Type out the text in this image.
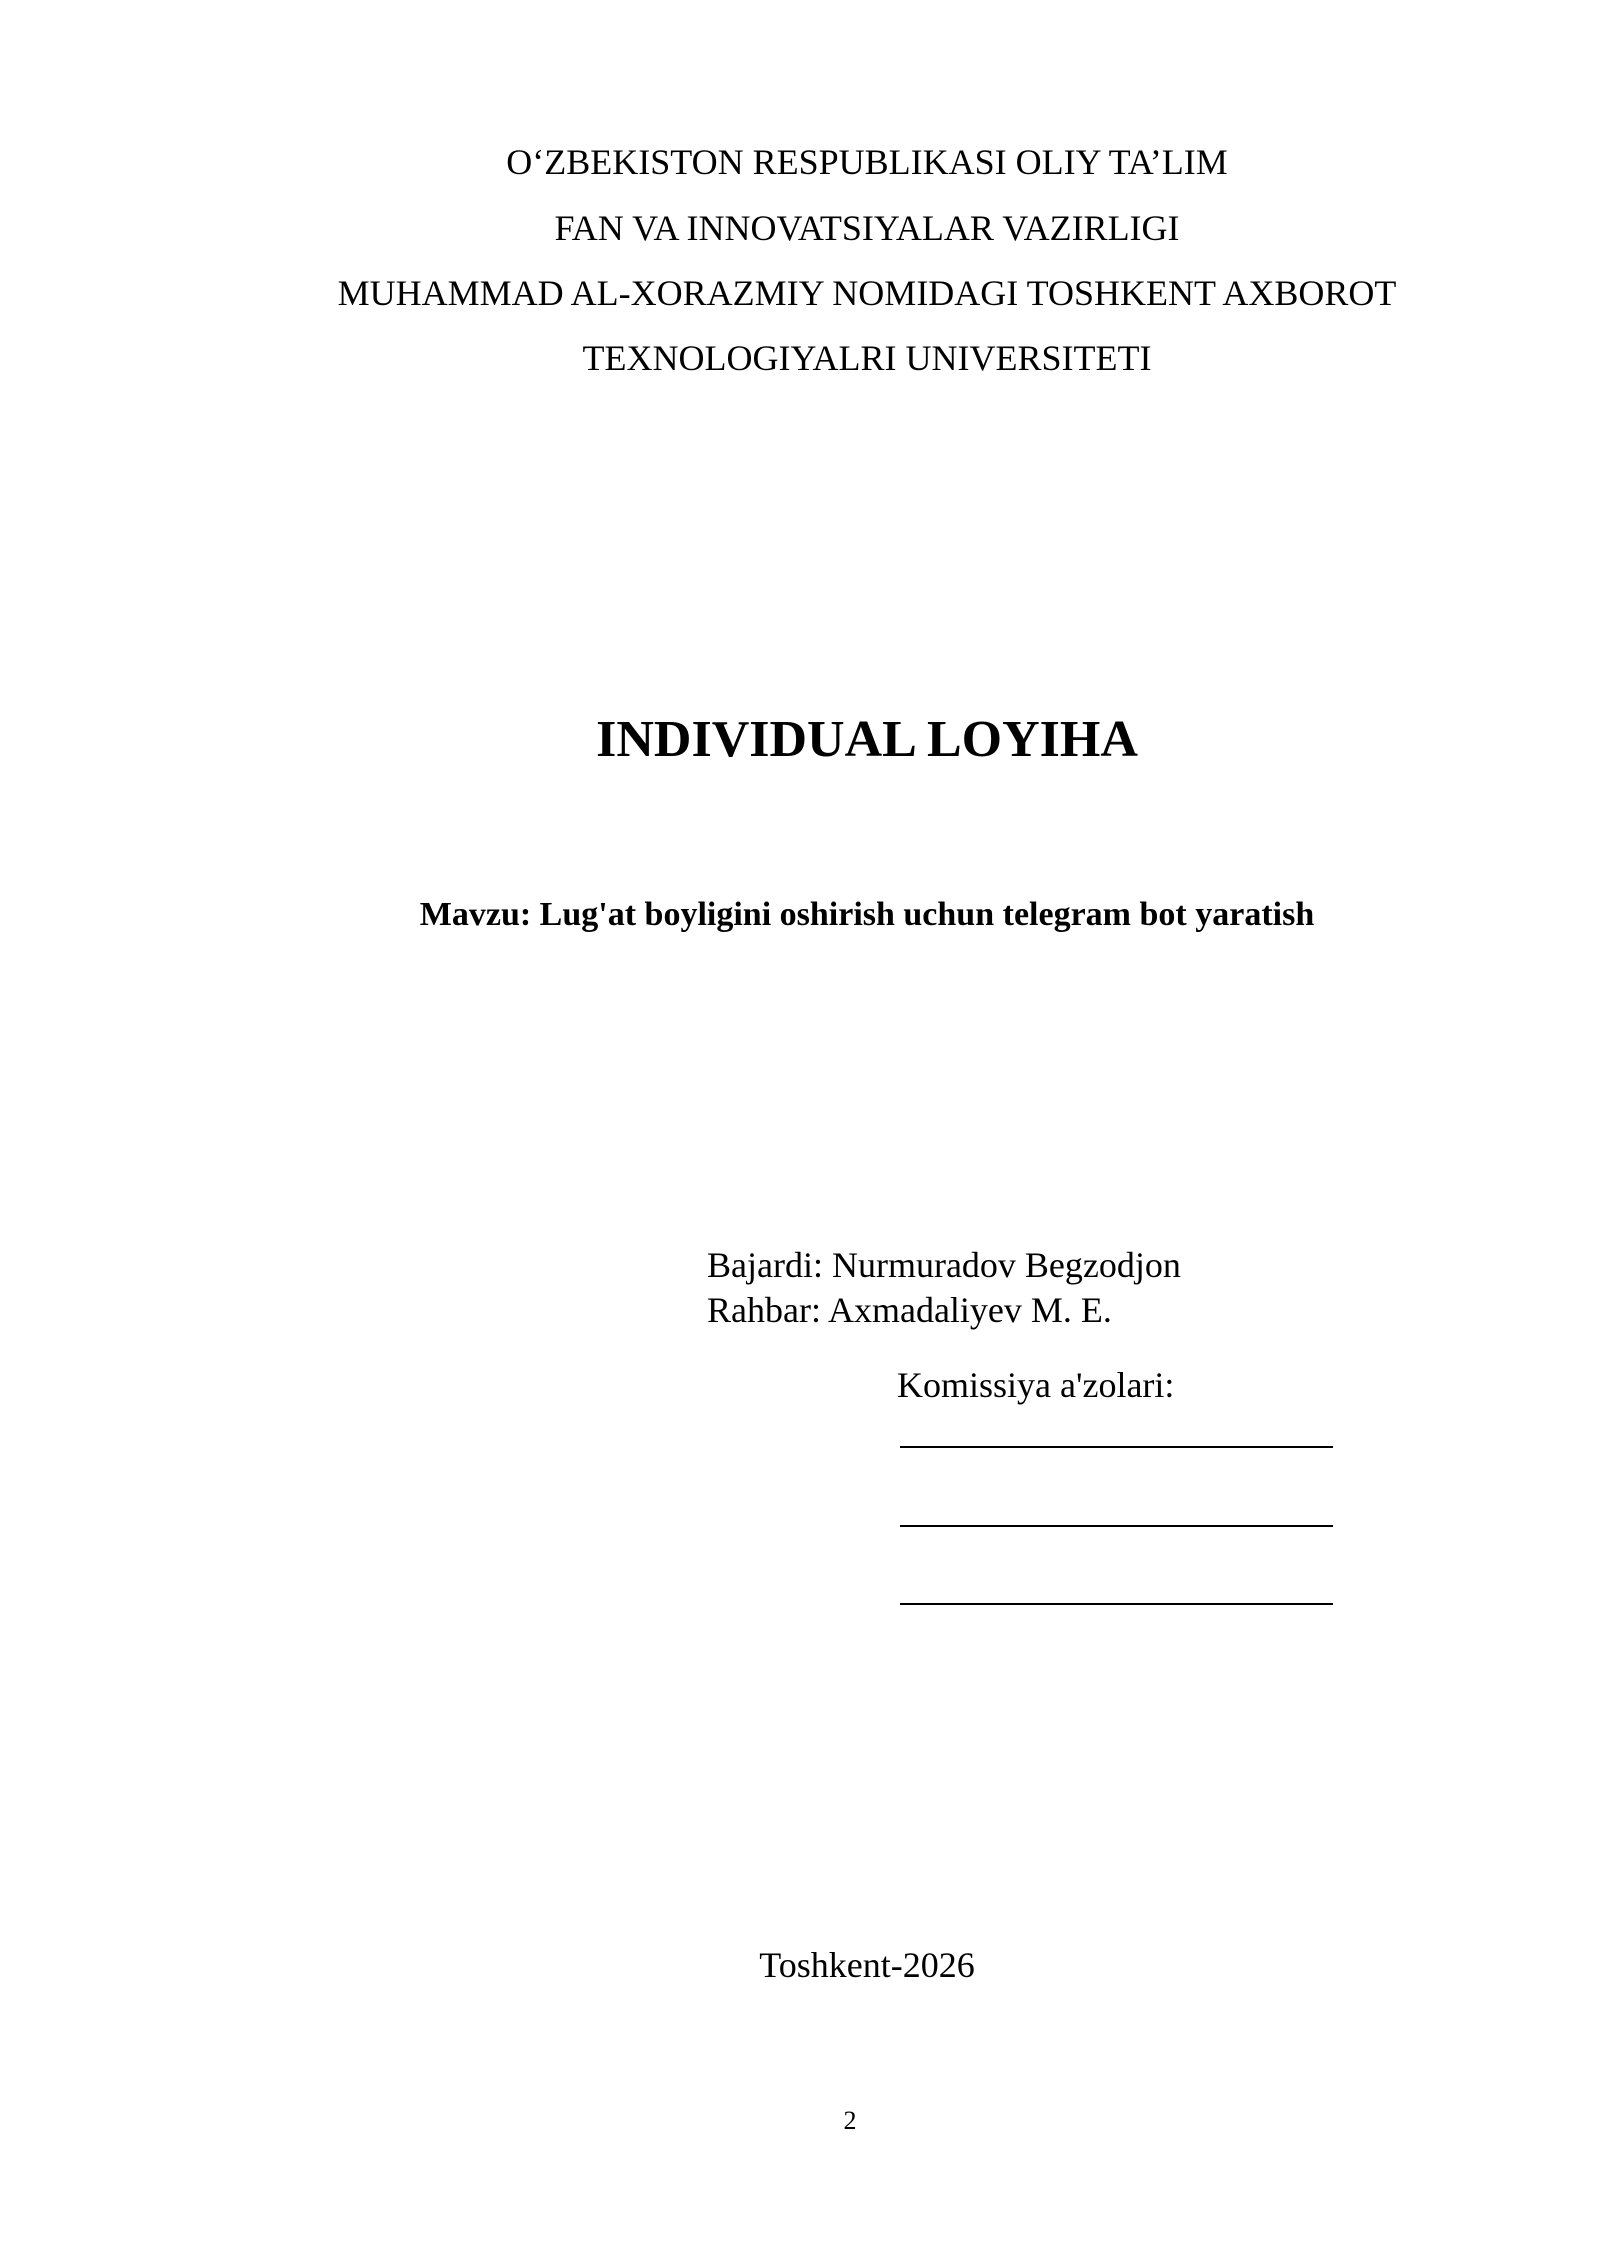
O‘ZBEKISTON RESPUBLIKASI OLIY TA’LIM
FAN VA INNOVATSIYALAR VAZIRLIGI
MUHAMMAD AL-XORAZMIY NOMIDAGI TOSHKENT AXBOROT
TEXNOLOGIYALRI UNIVERSITETI
INDIVIDUAL LOYIHA
Mavzu: Lug'at boyligini oshirish uchun telegram bot yaratish
Bajardi: Nurmuradov Begzodjon
Rahbar: Axmadaliyev M. E.
Komissiya a'zolari:
Toshkent-2026
2
